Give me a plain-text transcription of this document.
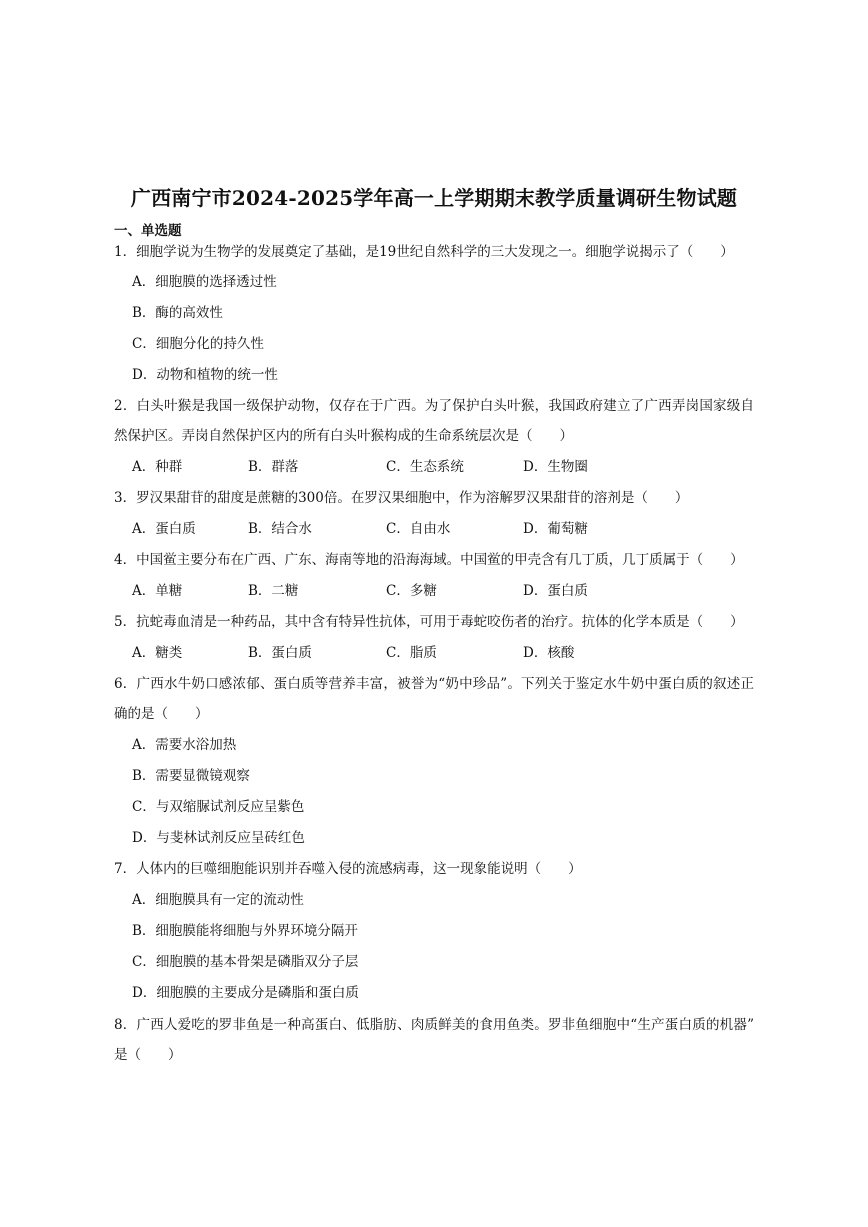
广西南宁市2024-2025学年高一上学期期末教学质量调研生物试题
一、单选题
1．细胞学说为生物学的发展奠定了基础，是19世纪自然科学的三大发现之一。细胞学说揭示了（　　）
A．细胞膜的选择透过性
B．酶的高效性
C．细胞分化的持久性
D．动物和植物的统一性
2．白头叶猴是我国一级保护动物，仅存在于广西。为了保护白头叶猴，我国政府建立了广西弄岗国家级自
然保护区。弄岗自然保护区内的所有白头叶猴构成的生命系统层次是（　　）
A．种群	B．群落	C．生态系统	D．生物圈
3．罗汉果甜苷的甜度是蔗糖的300倍。在罗汉果细胞中，作为溶解罗汉果甜苷的溶剂是（　　）
A．蛋白质	B．结合水	C．自由水	D．葡萄糖
4．中国鲎主要分布在广西、广东、海南等地的沿海海域。中国鲎的甲壳含有几丁质，几丁质属于（　　）
A．单糖	B．二糖	C．多糖	D．蛋白质
5．抗蛇毒血清是一种药品，其中含有特异性抗体，可用于毒蛇咬伤者的治疗。抗体的化学本质是（　　）
A．糖类	B．蛋白质	C．脂质	D．核酸
6．广西水牛奶口感浓郁、蛋白质等营养丰富，被誉为“奶中珍品”。下列关于鉴定水牛奶中蛋白质的叙述正
确的是（　　）
A．需要水浴加热
B．需要显微镜观察
C．与双缩脲试剂反应呈紫色
D．与斐林试剂反应呈砖红色
7．人体内的巨噬细胞能识别并吞噬入侵的流感病毒，这一现象能说明（　　）
A．细胞膜具有一定的流动性
B．细胞膜能将细胞与外界环境分隔开
C．细胞膜的基本骨架是磷脂双分子层
D．细胞膜的主要成分是磷脂和蛋白质
8．广西人爱吃的罗非鱼是一种高蛋白、低脂肪、肉质鲜美的食用鱼类。罗非鱼细胞中“生产蛋白质的机器”
是（　　）
